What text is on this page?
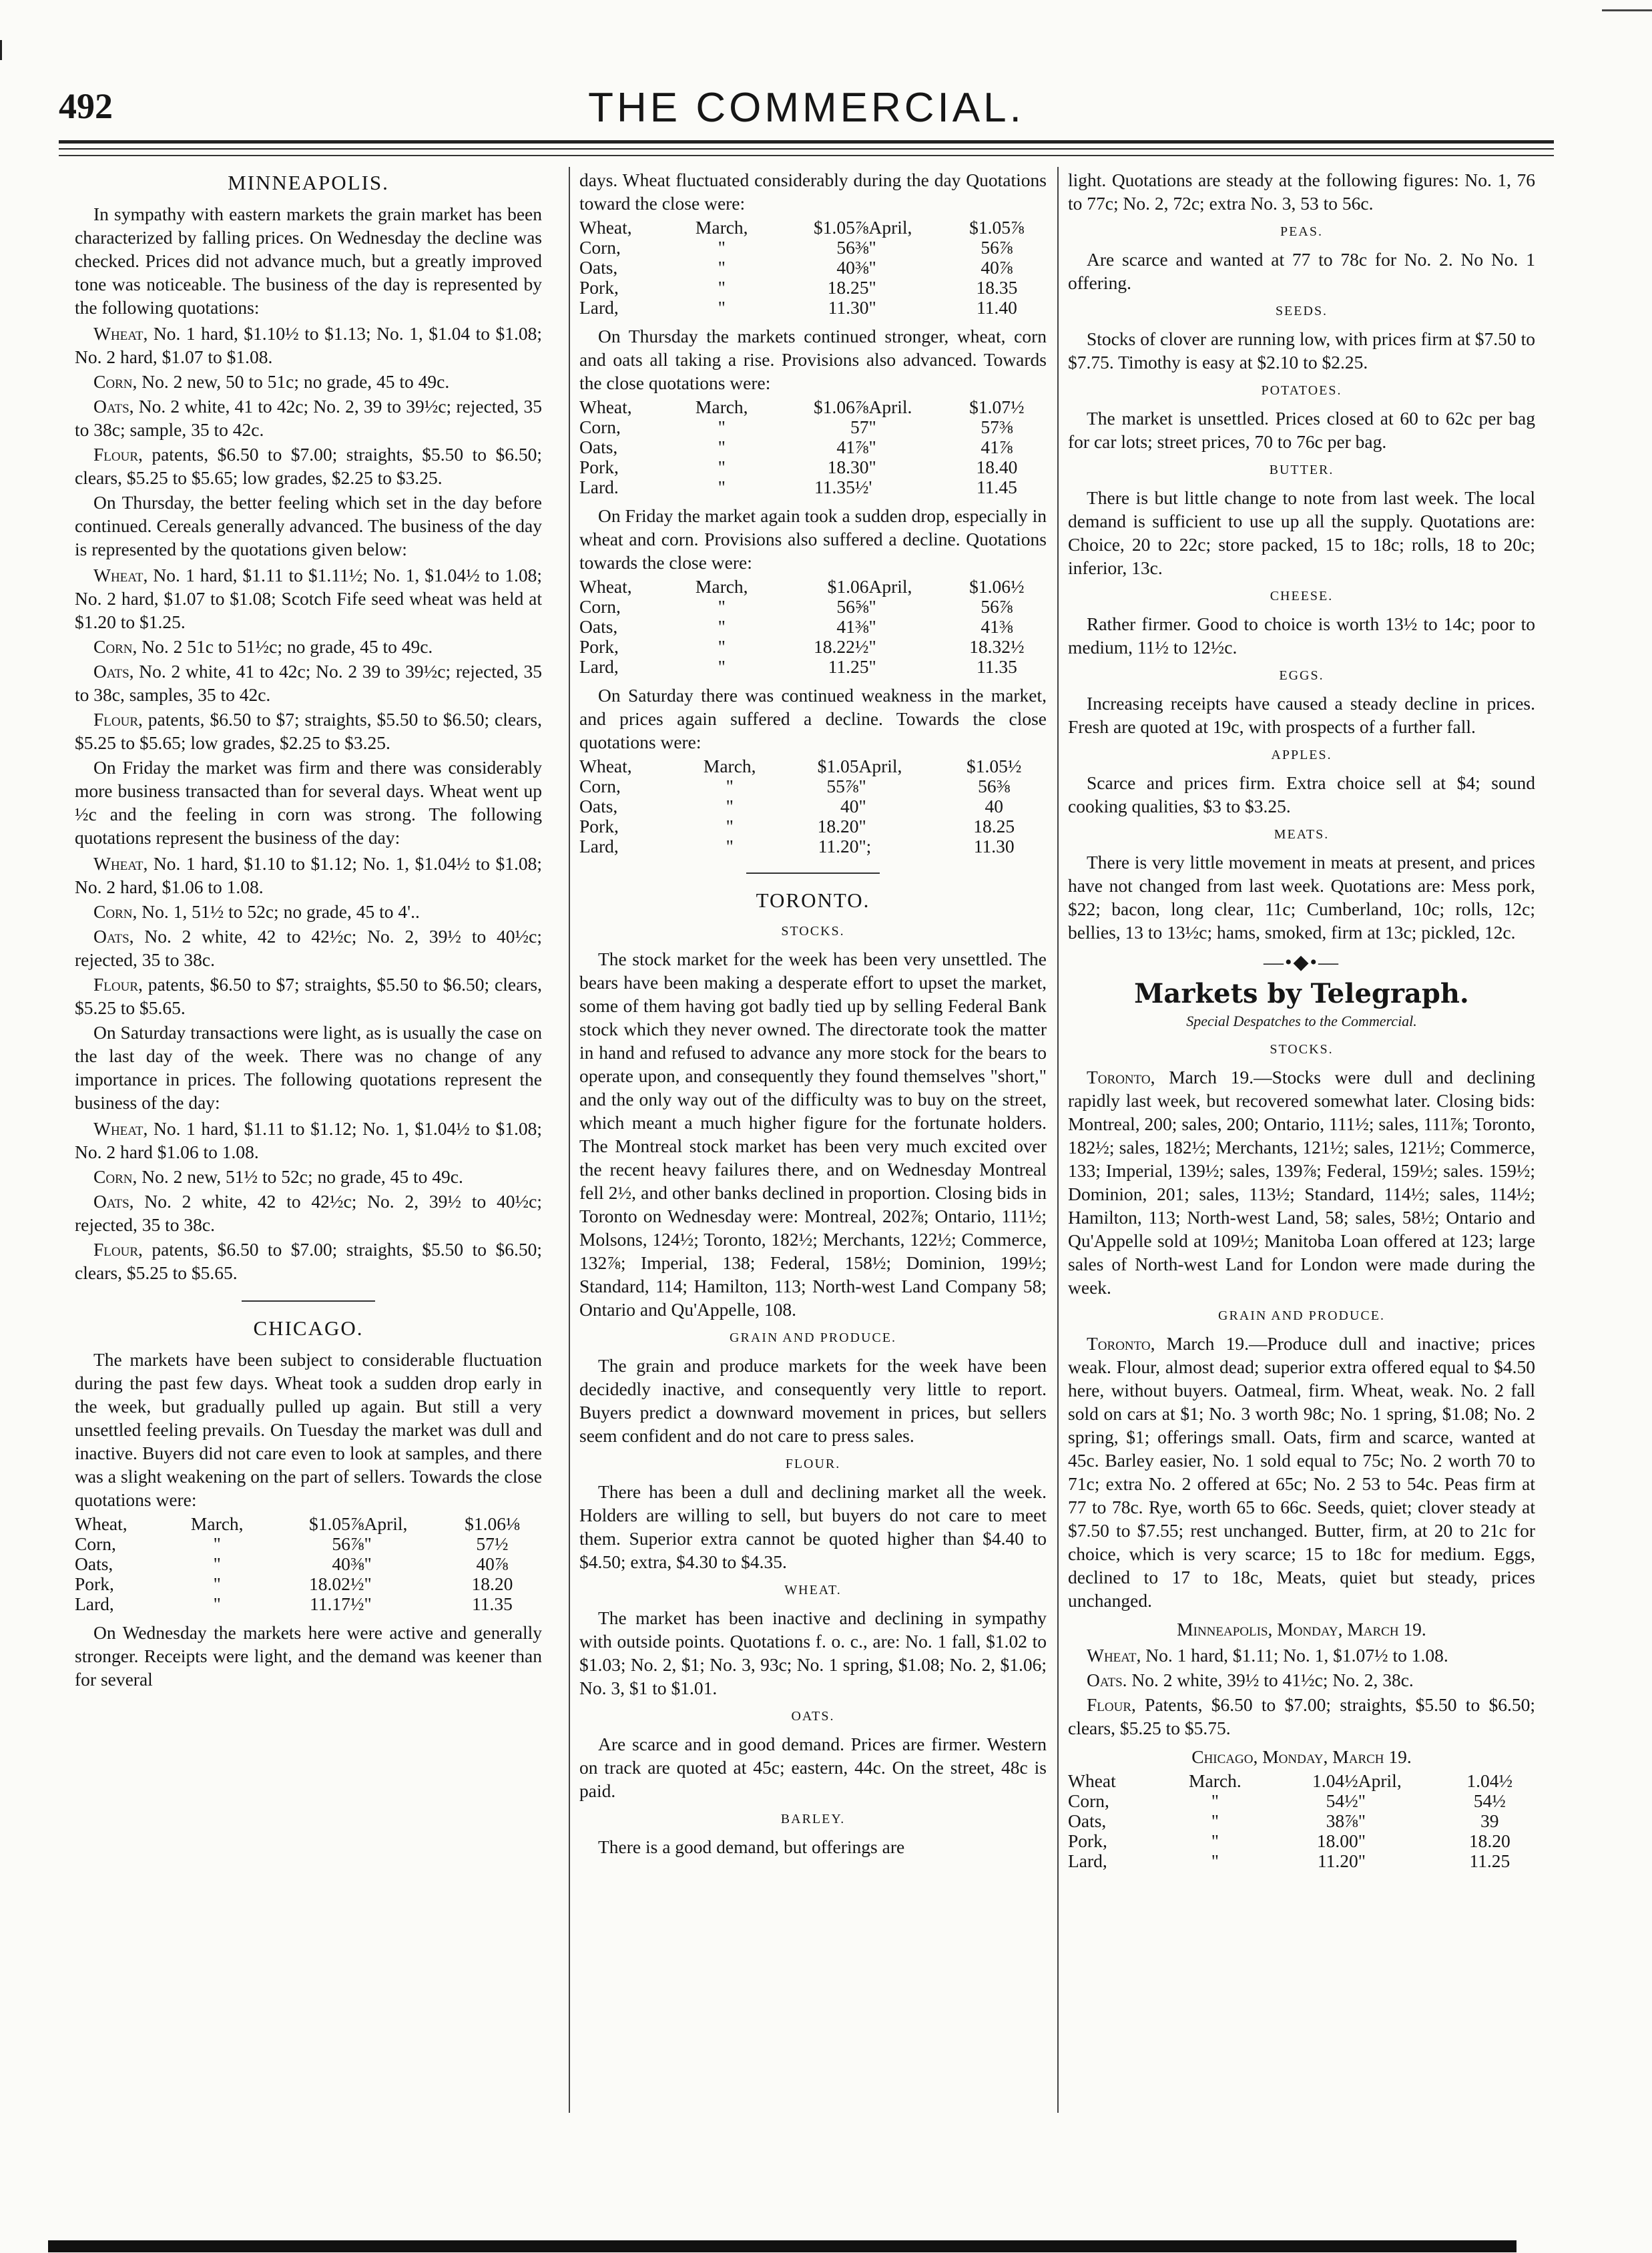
492	THE COMMERCIAL.
MINNEAPOLIS.

In sympathy with eastern markets the grain market has been characterized by falling prices. On Wednesday the decline was checked. Prices did not advance much, but a greatly improved tone was noticeable. The business of the day is represented by the following quotations:

Wheat, No. 1 hard, $1.10½ to $1.13; No. 1, $1.04 to $1.08; No. 2 hard, $1.07 to $1.08.

Corn, No. 2 new, 50 to 51c; no grade, 45 to 49c.

Oats, No. 2 white, 41 to 42c; No. 2, 39 to 39½c; rejected, 35 to 38c; sample, 35 to 42c.

Flour, patents, $6.50 to $7.00; straights, $5.50 to $6.50; clears, $5.25 to $5.65; low grades, $2.25 to $3.25.

On Thursday, the better feeling which set in the day before continued. Cereals generally advanced. The business of the day is represented by the quotations given below:

Wheat, No. 1 hard, $1.11 to $1.11½; No. 1, $1.04½ to 1.08; No. 2 hard, $1.07 to $1.08; Scotch Fife seed wheat was held at $1.20 to $1.25.

Corn, No. 2 51c to 51½c; no grade, 45 to 49c.

Oats, No. 2 white, 41 to 42c; No. 2 39 to 39½c; rejected, 35 to 38c, samples, 35 to 42c.

Flour, patents, $6.50 to $7; straights, $5.50 to $6.50; clears, $5.25 to $5.65; low grades, $2.25 to $3.25.

On Friday the market was firm and there was considerably more business transacted than for several days. Wheat went up ½c and the feeling in corn was strong. The following quotations represent the business of the day:

Wheat, No. 1 hard, $1.10 to $1.12; No. 1, $1.04½ to $1.08; No. 2 hard, $1.06 to 1.08.

Corn, No. 1, 51½ to 52c; no grade, 45 to 4'..

Oats, No. 2 white, 42 to 42½c; No. 2, 39½ to 40½c; rejected, 35 to 38c.

Flour, patents, $6.50 to $7; straights, $5.50 to $6.50; clears, $5.25 to $5.65.

On Saturday transactions were light, as is usually the case on the last day of the week. There was no change of any importance in prices. The following quotations represent the business of the day:

Wheat, No. 1 hard, $1.11 to $1.12; No. 1, $1.04½ to $1.08; No. 2 hard $1.06 to 1.08.

Corn, No. 2 new, 51½ to 52c; no grade, 45 to 49c.

Oats, No. 2 white, 42 to 42½c; No. 2, 39½ to 40½c; rejected, 35 to 38c.

Flour, patents, $6.50 to $7.00; straights, $5.50 to $6.50; clears, $5.25 to $5.65.

CHICAGO.

The markets have been subject to considerable fluctuation during the past few days. Wheat took a sudden drop early in the week, but gradually pulled up again. But still a very unsettled feeling prevails. On Tuesday the market was dull and inactive. Buyers did not care even to look at samples, and there was a slight weakening on the part of sellers. Towards the close quotations were:

Wheat,	March,	$1.05⅞	April,	$1.06⅛
Corn,	"	56⅞	"	57½
Oats,	"	40⅜	"	40⅞
Pork,	"	18.02½	"	18.20
Lard,	"	11.17½	"	11.35

On Wednesday the markets here were active and generally stronger. Receipts were light, and the demand was keener than for several

days. Wheat fluctuated considerably during the day Quotations toward the close were:

Wheat,	March,	$1.05⅞	April,	$1.05⅞
Corn,	"	56⅜	"	56⅞
Oats,	"	40⅜	"	40⅞
Pork,	"	18.25	"	18.35
Lard,	"	11.30	"	11.40

On Thursday the markets continued stronger, wheat, corn and oats all taking a rise. Provisions also advanced. Towards the close quotations were:

Wheat,	March,	$1.06⅞	April.	$1.07½
Corn,	"	57	"	57⅜
Oats,	"	41⅞	"	41⅞
Pork,	"	18.30	"	18.40
Lard.	"	11.35½	'	11.45

On Friday the market again took a sudden drop, especially in wheat and corn. Provisions also suffered a decline. Quotations towards the close were:

Wheat,	March,	$1.06	April,	$1.06½
Corn,	"	56⅝	"	56⅞
Oats,	"	41⅜	"	41⅜
Pork,	"	18.22½	"	18.32½
Lard,	"	11.25	"	11.35

On Saturday there was continued weakness in the market, and prices again suffered a decline. Towards the close quotations were:

Wheat,	March,	$1.05	April,	$1.05½
Corn,	"	55⅞	"	56⅜
Oats,	"	40	"	40
Pork,	"	18.20	"	18.25
Lard,	"	11.20	";	11.30
TORONTO.
STOCKS.

The stock market for the week has been very unsettled. The bears have been making a desperate effort to upset the market, some of them having got badly tied up by selling Federal Bank stock which they never owned. The directorate took the matter in hand and refused to advance any more stock for the bears to operate upon, and consequently they found themselves "short," and the only way out of the difficulty was to buy on the street, which meant a much higher figure for the fortunate holders. The Montreal stock market has been very much excited over the recent heavy failures there, and on Wednesday Montreal fell 2½, and other banks declined in proportion. Closing bids in Toronto on Wednesday were: Montreal, 202⅞; Ontario, 111½; Molsons, 124½; Toronto, 182½; Merchants, 122½; Commerce, 132⅞; Imperial, 138; Federal, 158½; Dominion, 199½; Standard, 114; Hamilton, 113; North-west Land Company 58; Ontario and Qu'Appelle, 108.

GRAIN AND PRODUCE.

The grain and produce markets for the week have been decidedly inactive, and consequently very little to report. Buyers predict a downward movement in prices, but sellers seem confident and do not care to press sales.

FLOUR.

There has been a dull and declining market all the week. Holders are willing to sell, but buyers do not care to meet them. Superior extra cannot be quoted higher than $4.40 to $4.50; extra, $4.30 to $4.35.

WHEAT.

The market has been inactive and declining in sympathy with outside points. Quotations f. o. c., are: No. 1 fall, $1.02 to $1.03; No. 2, $1; No. 3, 93c; No. 1 spring, $1.08; No. 2, $1.06; No. 3, $1 to $1.01.

OATS.

Are scarce and in good demand. Prices are firmer. Western on track are quoted at 45c; eastern, 44c. On the street, 48c is paid.

BARLEY.

There is a good demand, but offerings are

light. Quotations are steady at the following figures: No. 1, 76 to 77c; No. 2, 72c; extra No. 3, 53 to 56c.

PEAS.

Are scarce and wanted at 77 to 78c for No. 2. No No. 1 offering.

SEEDS.

Stocks of clover are running low, with prices firm at $7.50 to $7.75. Timothy is easy at $2.10 to $2.25.

POTATOES.

The market is unsettled. Prices closed at 60 to 62c per bag for car lots; street prices, 70 to 76c per bag.

BUTTER.

There is but little change to note from last week. The local demand is sufficient to use up all the supply. Quotations are: Choice, 20 to 22c; store packed, 15 to 18c; rolls, 18 to 20c; inferior, 13c.

CHEESE.

Rather firmer. Good to choice is worth 13½ to 14c; poor to medium, 11½ to 12½c.

EGGS.

Increasing receipts have caused a steady decline in prices. Fresh are quoted at 19c, with prospects of a further fall.

APPLES.

Scarce and prices firm. Extra choice sell at $4; sound cooking qualities, $3 to $3.25.

MEATS.

There is very little movement in meats at present, and prices have not changed from last week. Quotations are: Mess pork, $22; bacon, long clear, 11c; Cumberland, 10c; rolls, 12c; bellies, 13 to 13½c; hams, smoked, firm at 13c; pickled, 12c.

—•◆•—
Markets by Telegraph.

Special Despatches to the Commercial.

STOCKS.

Toronto, March 19.—Stocks were dull and declining rapidly last week, but recovered somewhat later. Closing bids: Montreal, 200; sales, 200; Ontario, 111½; sales, 111⅞; Toronto, 182½; sales, 182½; Merchants, 121½; sales, 121½; Commerce, 133; Imperial, 139½; sales, 139⅞; Federal, 159½; sales. 159½; Dominion, 201; sales, 113½; Standard, 114½; sales, 114½; Hamilton, 113; North-west Land, 58; sales, 58½; Ontario and Qu'Appelle sold at 109½; Manitoba Loan offered at 123; large sales of North-west Land for London were made during the week.

GRAIN AND PRODUCE.

Toronto, March 19.—Produce dull and inactive; prices weak. Flour, almost dead; superior extra offered equal to $4.50 here, without buyers. Oatmeal, firm. Wheat, weak. No. 2 fall sold on cars at $1; No. 3 worth 98c; No. 1 spring, $1.08; No. 2 spring, $1; offerings small. Oats, firm and scarce, wanted at 45c. Barley easier, No. 1 sold equal to 75c; No. 2 worth 70 to 71c; extra No. 2 offered at 65c; No. 2 53 to 54c. Peas firm at 77 to 78c. Rye, worth 65 to 66c. Seeds, quiet; clover steady at $7.50 to $7.55; rest unchanged. Butter, firm, at 20 to 21c for choice, which is very scarce; 15 to 18c for medium. Eggs, declined to 17 to 18c, Meats, quiet but steady, prices unchanged.

Minneapolis, Monday, March 19.

Wheat, No. 1 hard, $1.11; No. 1, $1.07½ to 1.08.

Oats. No. 2 white, 39½ to 41½c; No. 2, 38c.

Flour, Patents, $6.50 to $7.00; straights, $5.50 to $6.50; clears, $5.25 to $5.75.

Chicago, Monday, March 19.

Wheat	March.	1.04½	April,	1.04½
Corn,	"	54½	"	54½
Oats,	"	38⅞	"	39
Pork,	"	18.00	"	18.20
Lard,	"	11.20	"	11.25
